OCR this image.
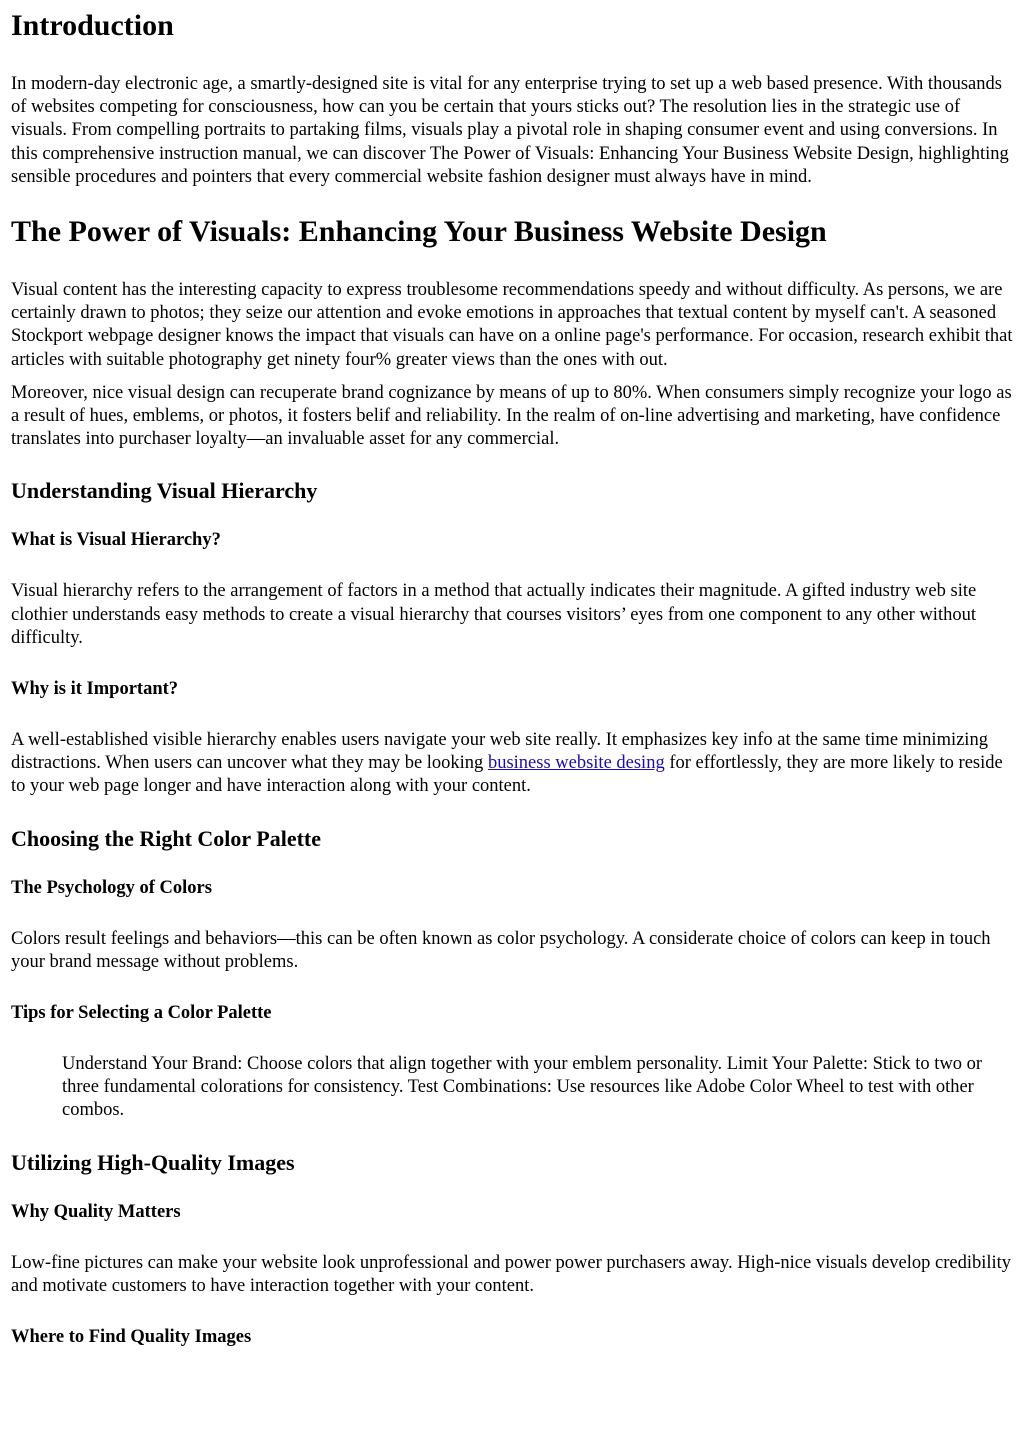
Introduction

In modern-day electronic age, a smartly-designed site is vital for any enterprise trying to set up a web based presence. With thousands of websites competing for consciousness, how can you be certain that yours sticks out? The resolution lies in the strategic use of visuals. From compelling portraits to partaking films, visuals play a pivotal role in shaping consumer event and using conversions. In this comprehensive instruction manual, we can discover The Power of Visuals: Enhancing Your Business Website Design, highlighting sensible procedures and pointers that every commercial website fashion designer must always have in mind.

The Power of Visuals: Enhancing Your Business Website Design

Visual content has the interesting capacity to express troublesome recommendations speedy and without difficulty. As persons, we are certainly drawn to photos; they seize our attention and evoke emotions in approaches that textual content by myself can't. A seasoned Stockport webpage designer knows the impact that visuals can have on a online page's performance. For occasion, research exhibit that articles with suitable photography get ninety four% greater views than the ones with out.

Moreover, nice visual design can recuperate brand cognizance by means of up to 80%. When consumers simply recognize your logo as a result of hues, emblems, or photos, it fosters belif and reliability. In the realm of on-line advertising and marketing, have confidence translates into purchaser loyalty—an invaluable asset for any commercial.

Understanding Visual Hierarchy
What is Visual Hierarchy?

Visual hierarchy refers to the arrangement of factors in a method that actually indicates their magnitude. A gifted industry web site clothier understands easy methods to create a visual hierarchy that courses visitors’ eyes from one component to any other without difficulty.

Why is it Important?

A well-established visible hierarchy enables users navigate your web site really. It emphasizes key info at the same time minimizing distractions. When users can uncover what they may be looking business website desing for effortlessly, they are more likely to reside to your web page longer and have interaction along with your content.

Choosing the Right Color Palette
The Psychology of Colors

Colors result feelings and behaviors—this can be often known as color psychology. A considerate choice of colors can keep in touch your brand message without problems.

Tips for Selecting a Color Palette
Understand Your Brand: Choose colors that align together with your emblem personality. Limit Your Palette: Stick to two or three fundamental colorations for consistency. Test Combinations: Use resources like Adobe Color Wheel to test with other combos.
Utilizing High-Quality Images
Why Quality Matters

Low-fine pictures can make your website look unprofessional and power power purchasers away. High-nice visuals develop credibility and motivate customers to have interaction together with your content.

Where to Find Quality Images
